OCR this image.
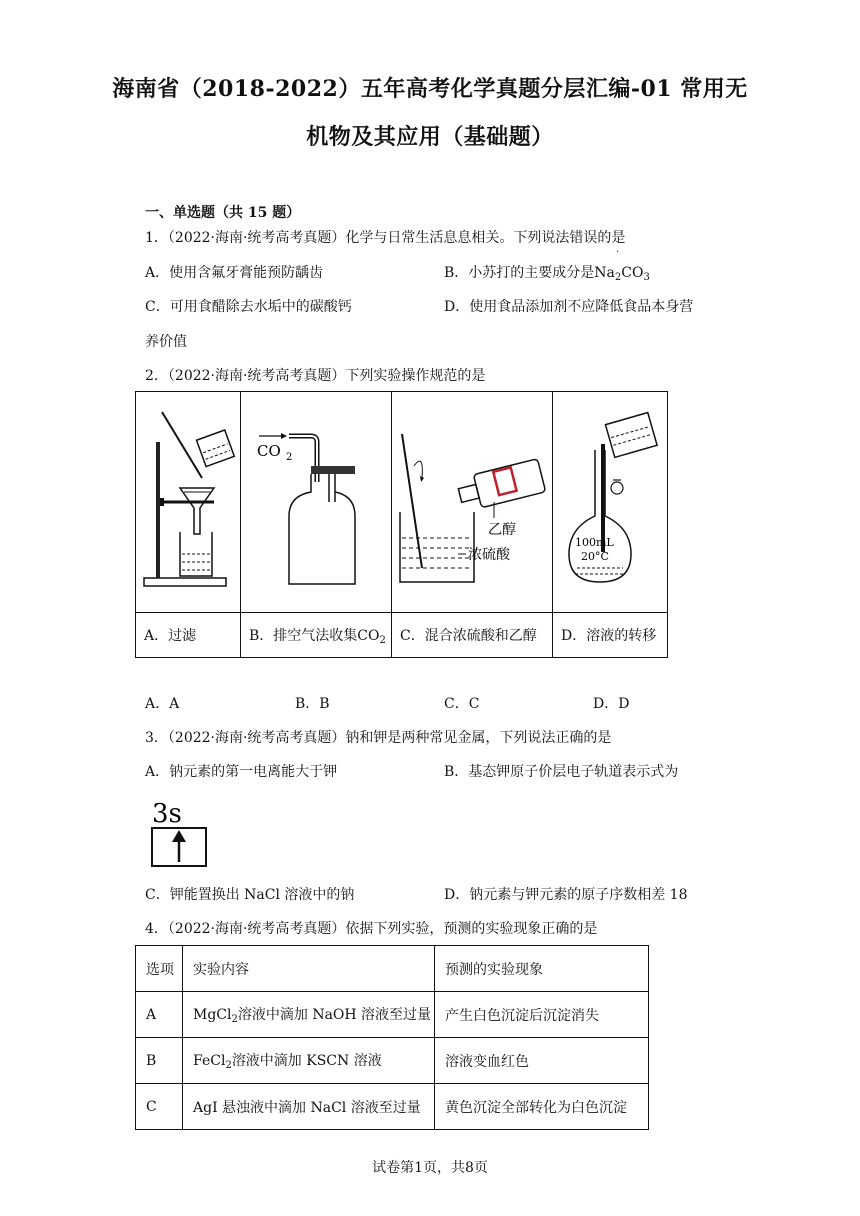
海南省（2018-2022）五年高考化学真题分层汇编-01 常用无
机物及其应用（基础题）
一、单选题（共 15 题）
1．（2022·海南·统考高考真题）化学与日常生活息息相关。下列说法错误的是
·
A．使用含氟牙膏能预防龋齿	B．小苏打的主要成分是$Na_2CO_3$
C．可用食醋除去水垢中的碳酸钙	D．使用食品添加剂不应降低食品本身营
养价值
2．（2022·海南·统考高考真题）下列实验操作规范的是

CO 2	乙醇
浓硫酸	100mL
20°C

A．过滤	B．排空气法收集$CO_2$	C．混合浓硫酸和乙醇	D．溶液的转移
A．A	B．B	C．C	D．D
3．（2022·海南·统考高考真题）钠和钾是两种常见金属，下列说法正确的是
A．钠元素的第一电离能大于钾	B．基态钾原子价层电子轨道表示式为
3s
C．钾能置换出 NaCl 溶液中的钠	D．钠元素与钾元素的原子序数相差 18
4．（2022·海南·统考高考真题）依据下列实验，预测的实验现象正确的是
选项	实验内容	预测的实验现象
A	MgCl$_2$溶液中滴加 NaOH 溶液至过量	产生白色沉淀后沉淀消失
B	FeCl$_2$溶液中滴加 KSCN 溶液	溶液变血红色
C	AgI 悬浊液中滴加 NaCl 溶液至过量	黄色沉淀全部转化为白色沉淀
试卷第1页，共8页
